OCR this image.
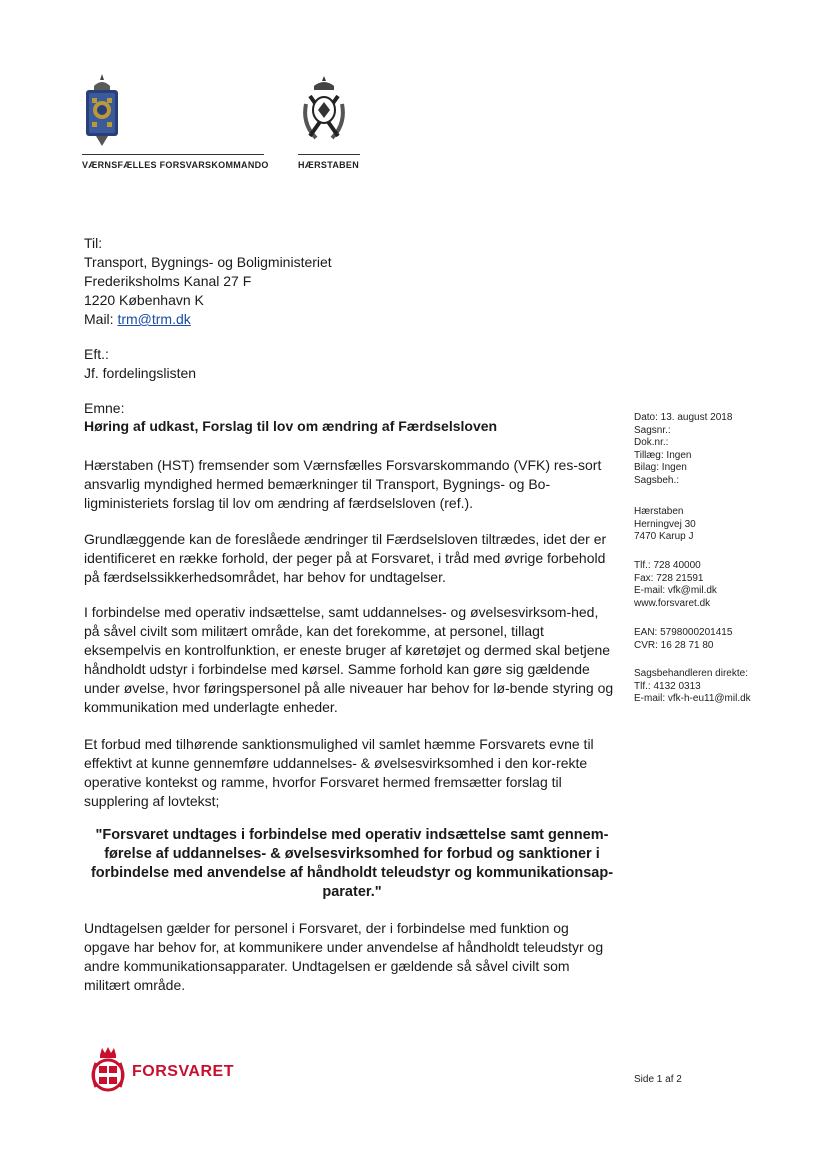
VÆRNSFÆLLES FORSVARSKOMMANDO	HÆRSTABEN
Til:
Transport, Bygnings- og Boligministeriet
Frederiksholms Kanal 27 F
1220 København K
Mail: trm@trm.dk
Eft.:
Jf. fordelingslisten
Emne:
Høring af udkast, Forslag til lov om ændring af Færdselsloven
Hærstaben (HST) fremsender som Værnsfælles Forsvarskommando (VFK) res-sort ansvarlig myndighed hermed bemærkninger til Transport, Bygnings- og Bo-ligministeriets forslag til lov om ændring af færdselsloven (ref.).
Grundlæggende kan de foreslåede ændringer til Færdselsloven tiltrædes, idet der er identificeret en række forhold, der peger på at Forsvaret, i tråd med øvrige forbehold på færdselssikkerhedsområdet, har behov for undtagelser.
I forbindelse med operativ indsættelse, samt uddannelses- og øvelsesvirksom-hed, på såvel civilt som militært område, kan det forekomme, at personel, tillagt eksempelvis en kontrolfunktion, er eneste bruger af køretøjet og dermed skal betjene håndholdt udstyr i forbindelse med kørsel. Samme forhold kan gøre sig gældende under øvelse, hvor føringspersonel på alle niveauer har behov for lø-bende styring og kommunikation med underlagte enheder.
Et forbud med tilhørende sanktionsmulighed vil samlet hæmme Forsvarets evne til effektivt at kunne gennemføre uddannelses- & øvelsesvirksomhed i den kor-rekte operative kontekst og ramme, hvorfor Forsvaret hermed fremsætter forslag til supplering af lovtekst;
"Forsvaret undtages i forbindelse med operativ indsættelse samt gennem-førelse af uddannelses- & øvelsesvirksomhed for forbud og sanktioner i forbindelse med anvendelse af håndholdt teleudstyr og kommunikationsap-parater."
Undtagelsen gælder for personel i Forsvaret, der i forbindelse med funktion og opgave har behov for, at kommunikere under anvendelse af håndholdt teleudstyr og andre kommunikationsapparater. Undtagelsen er gældende så såvel civilt som militært område.
Dato: 13. august 2018
Sagsnr.:
Dok.nr.:
Tillæg: Ingen
Bilag: Ingen
Sagsbeh.:
Hærstaben
Herningvej 30
7470 Karup J
Tlf.: 728 40000
Fax: 728 21591
E-mail: vfk@mil.dk
www.forsvaret.dk
EAN: 5798000201415
CVR: 16 28 71 80
Sagsbehandleren direkte:
Tlf.: 4132 0313
E-mail: vfk-h-eu11@mil.dk
FORSVARET	Side 1 af 2
